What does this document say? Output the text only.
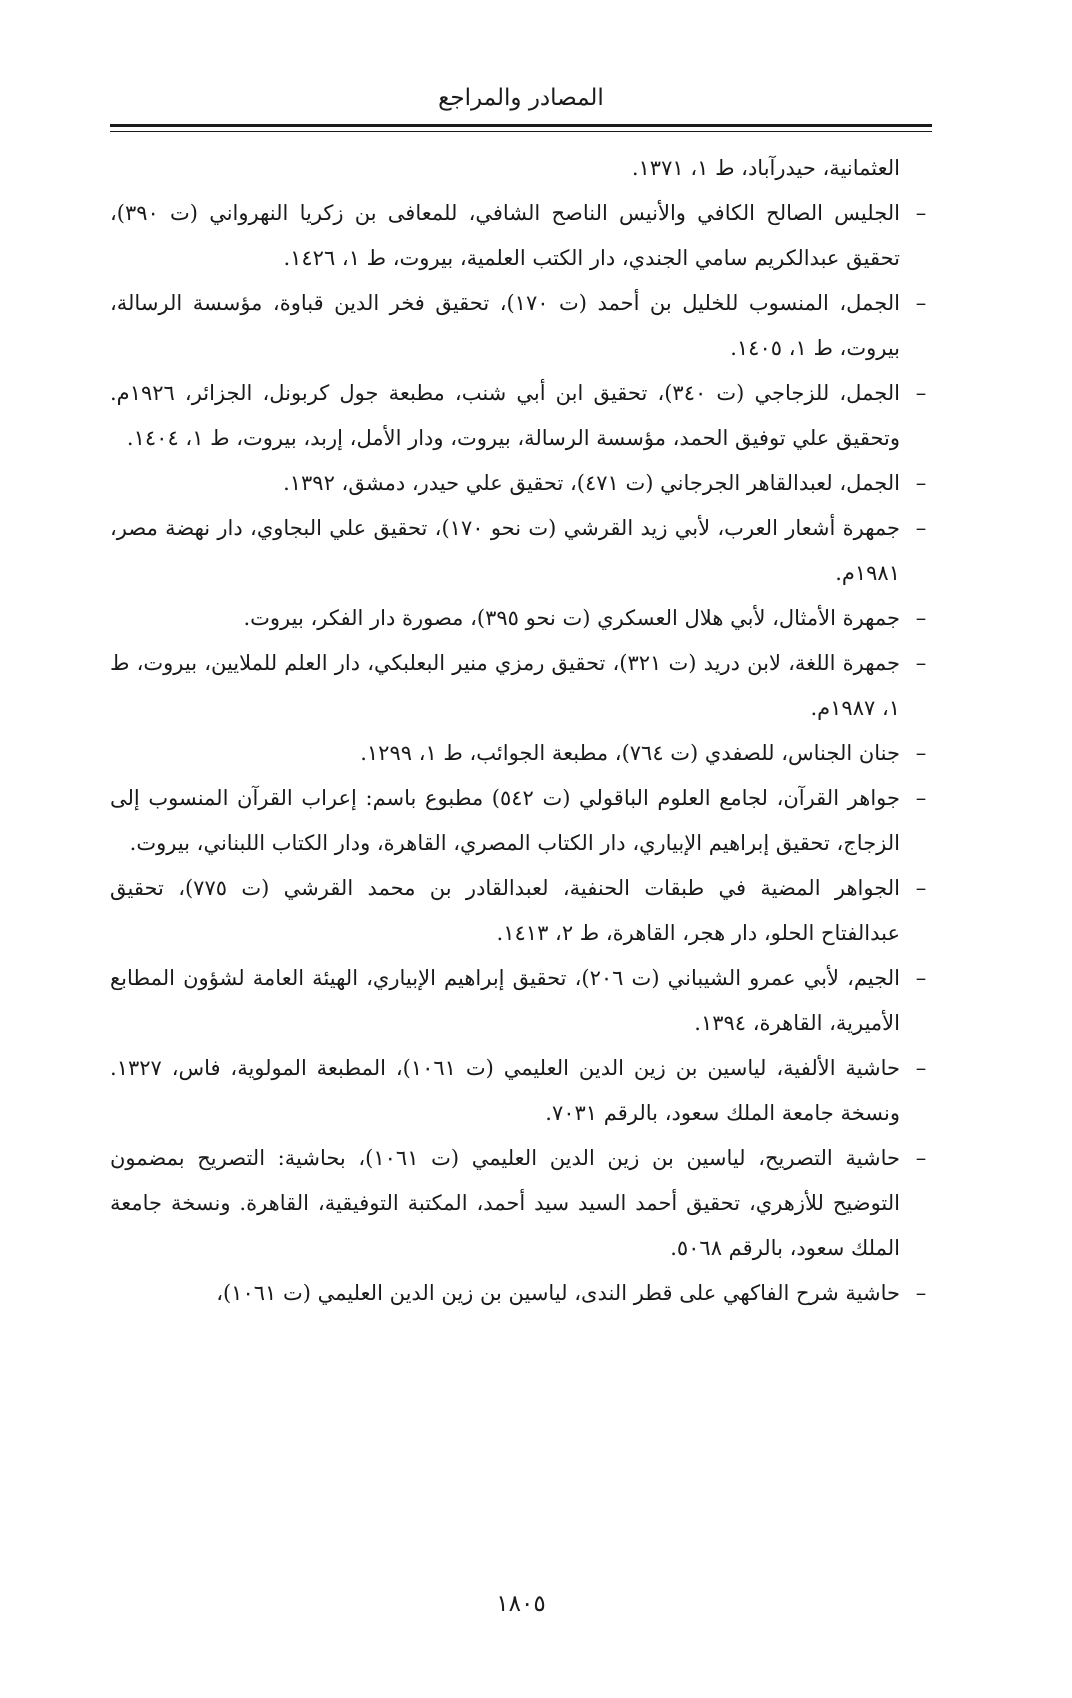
المصادر والمراجع
العثمانية، حيدرآباد، ط ١، ١٣٧١.
–
الجليس الصالح الكافي والأنيس الناصح الشافي، للمعافى بن زكريا النهرواني (ت ٣٩٠)، تحقيق عبدالكريم سامي الجندي، دار الكتب العلمية، بيروت، ط ١، ١٤٢٦.
–
الجمل، المنسوب للخليل بن أحمد (ت ١٧٠)، تحقيق فخر الدين قباوة، مؤسسة الرسالة، بيروت، ط ١، ١٤٠٥.
–
الجمل، للزجاجي (ت ٣٤٠)، تحقيق ابن أبي شنب، مطبعة جول كربونل، الجزائر، ١٩٢٦م. وتحقيق علي توفيق الحمد، مؤسسة الرسالة، بيروت، ودار الأمل، إربد، بيروت، ط ١، ١٤٠٤.
–
الجمل، لعبدالقاهر الجرجاني (ت ٤٧١)، تحقيق علي حيدر، دمشق، ١٣٩٢.
–
جمهرة أشعار العرب، لأبي زيد القرشي (ت نحو ١٧٠)، تحقيق علي البجاوي، دار نهضة مصر، ١٩٨١م.
–
جمهرة الأمثال، لأبي هلال العسكري (ت نحو ٣٩٥)، مصورة دار الفكر، بيروت.
–
جمهرة اللغة، لابن دريد (ت ٣٢١)، تحقيق رمزي منير البعلبكي، دار العلم للملايين، بيروت، ط ١، ١٩٨٧م.
–
جنان الجناس، للصفدي (ت ٧٦٤)، مطبعة الجوائب، ط ١، ١٢٩٩.
–
جواهر القرآن، لجامع العلوم الباقولي (ت ٥٤٢) مطبوع باسم: إعراب القرآن المنسوب إلى الزجاج، تحقيق إبراهيم الإبياري، دار الكتاب المصري، القاهرة، ودار الكتاب اللبناني، بيروت.
–
الجواهر المضية في طبقات الحنفية، لعبدالقادر بن محمد القرشي (ت ٧٧٥)، تحقيق عبدالفتاح الحلو، دار هجر، القاهرة، ط ٢، ١٤١٣.
–
الجيم، لأبي عمرو الشيباني (ت ٢٠٦)، تحقيق إبراهيم الإبياري، الهيئة العامة لشؤون المطابع الأميرية، القاهرة، ١٣٩٤.
–
حاشية الألفية، لياسين بن زين الدين العليمي (ت ١٠٦١)، المطبعة المولوية، فاس، ١٣٢٧. ونسخة جامعة الملك سعود، بالرقم ٧٠٣١.
–
حاشية التصريح، لياسين بن زين الدين العليمي (ت ١٠٦١)، بحاشية: التصريح بمضمون التوضيح للأزهري، تحقيق أحمد السيد سيد أحمد، المكتبة التوفيقية، القاهرة. ونسخة جامعة الملك سعود، بالرقم ٥٠٦٨.
–
حاشية شرح الفاكهي على قطر الندى، لياسين بن زين الدين العليمي (ت ١٠٦١)،
١٨٠٥
